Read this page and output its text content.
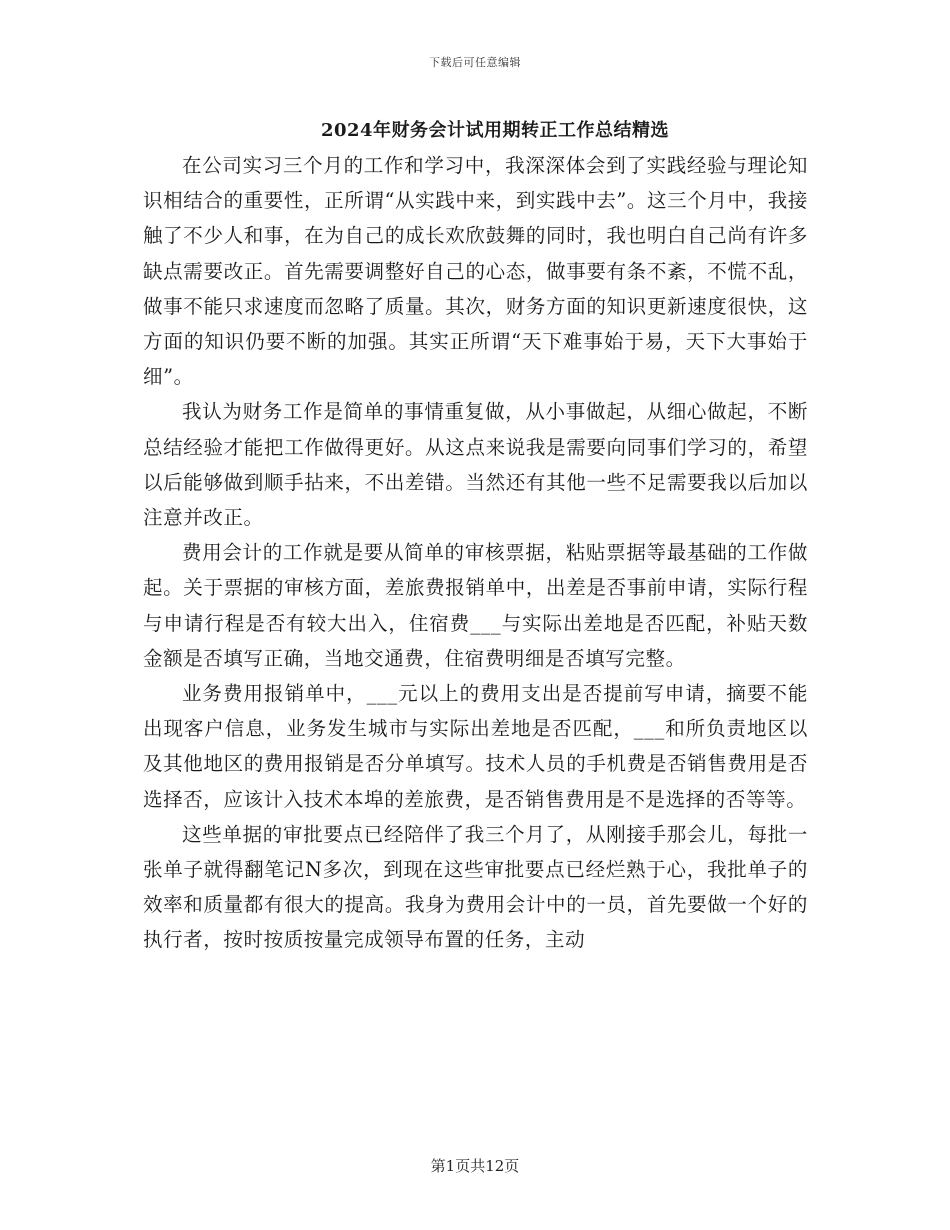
下载后可任意编辑
2024年财务会计试用期转正工作总结精选

在公司实习三个月的工作和学习中，我深深体会到了实践经验与理论知识相结合的重要性，正所谓“从实践中来，到实践中去”。这三个月中，我接触了不少人和事，在为自己的成长欢欣鼓舞的同时，我也明白自己尚有许多缺点需要改正。首先需要调整好自己的心态，做事要有条不紊，不慌不乱，做事不能只求速度而忽略了质量。其次，财务方面的知识更新速度很快，这方面的知识仍要不断的加强。其实正所谓“天下难事始于易，天下大事始于细”。

我认为财务工作是简单的事情重复做，从小事做起，从细心做起，不断总结经验才能把工作做得更好。从这点来说我是需要向同事们学习的，希望以后能够做到顺手拈来，不出差错。当然还有其他一些不足需要我以后加以注意并改正。

费用会计的工作就是要从简单的审核票据，粘贴票据等最基础的工作做起。关于票据的审核方面，差旅费报销单中，出差是否事前申请，实际行程与申请行程是否有较大出入，住宿费___与实际出差地是否匹配，补贴天数金额是否填写正确，当地交通费，住宿费明细是否填写完整。

业务费用报销单中，___元以上的费用支出是否提前写申请，摘要不能出现客户信息，业务发生城市与实际出差地是否匹配，___和所负责地区以及其他地区的费用报销是否分单填写。技术人员的手机费是否销售费用是否选择否，应该计入技术本埠的差旅费，是否销售费用是不是选择的否等等。

这些单据的审批要点已经陪伴了我三个月了，从刚接手那会儿，每批一张单子就得翻笔记N多次，到现在这些审批要点已经烂熟于心，我批单子的效率和质量都有很大的提高。我身为费用会计中的一员，首先要做一个好的执行者，按时按质按量完成领导布置的任务，主动

第1页共12页
